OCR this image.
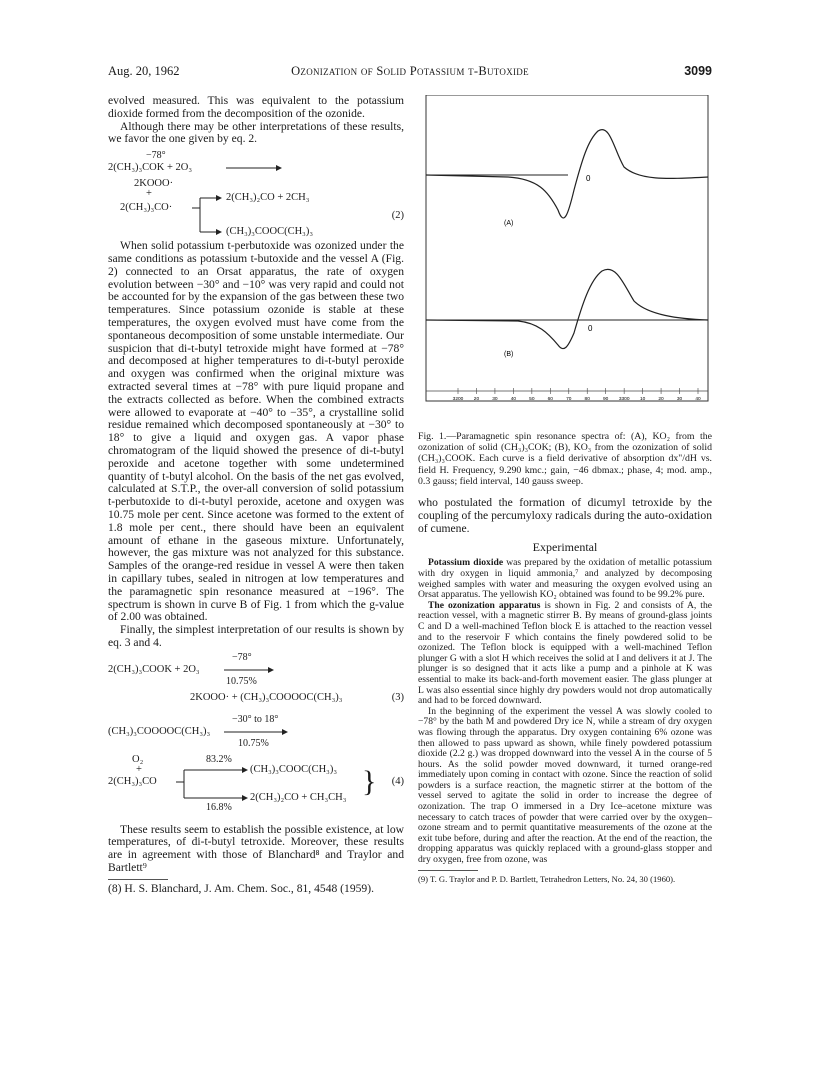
Aug. 20, 1962	Ozonization of Solid Potassium t-Butoxide	3099

evolved measured. This was equivalent to the potassium dioxide formed from the decomposition of the ozonide.

Although there may be other interpretations of these results, we favor the one given by eq. 2.

−78°
2(CH₃)₃COK + 2O₃
2KOOO·
+
2(CH₃)₃CO·
2(CH₃)₂CO + 2CH₃
(CH₃)₃COOC(CH₃)₃
(2)

When solid potassium t-perbutoxide was ozonized under the same conditions as potassium t-butoxide and the vessel A (Fig. 2) connected to an Orsat apparatus, the rate of oxygen evolution between −30° and −10° was very rapid and could not be accounted for by the expansion of the gas between these two temperatures. Since potassium ozonide is stable at these temperatures, the oxygen evolved must have come from the spontaneous decomposition of some unstable intermediate. Our suspicion that di-t-butyl tetroxide might have formed at −78° and decomposed at higher temperatures to di-t-butyl peroxide and oxygen was confirmed when the original mixture was extracted several times at −78° with pure liquid propane and the extracts collected as before. When the combined extracts were allowed to evaporate at −40° to −35°, a crystalline solid residue remained which decomposed spontaneously at −30° to 18° to give a liquid and oxygen gas. A vapor phase chromatogram of the liquid showed the presence of di-t-butyl peroxide and acetone together with some undetermined quantity of t-butyl alcohol. On the basis of the net gas evolved, calculated at S.T.P., the over-all conversion of solid potassium t-perbutoxide to di-t-butyl peroxide, acetone and oxygen was 10.75 mole per cent. Since acetone was formed to the extent of 1.8 mole per cent., there should have been an equivalent amount of ethane in the gaseous mixture. Unfortunately, however, the gas mixture was not analyzed for this substance. Samples of the orange-red residue in vessel A were then taken in capillary tubes, sealed in nitrogen at low temperatures and the paramagnetic spin resonance measured at −196°. The spectrum is shown in curve B of Fig. 1 from which the g-value of 2.00 was obtained.

Finally, the simplest interpretation of our results is shown by eq. 3 and 4.

−78°
2(CH₃)₃COOK + 2O₃
10.75%
2KOOO· + (CH₃)₃COOOOC(CH₃)₃	(3)
−30° to 18°
(CH₃)₃COOOOC(CH₃)₃
10.75%
O₂
+
2(CH₃)₃CO
83.2%
(CH₃)₃COOC(CH₃)₃
2(CH₃)₂CO + CH₃CH₃ }
16.8%
(4)

These results seem to establish the possible existence, at low temperatures, of di-t-butyl tetroxide. Moreover, these results are in agreement with those of Blanchard⁸ and Traylor and Bartlett⁹

(8) H. S. Blanchard, J. Am. Chem. Soc., 81, 4548 (1959).

0
(A)
0
(B)
3200 20	30	40	50	60	70	80	90 3300 10	20	30	40

Fig. 1.—Paramagnetic spin resonance spectra of: (A), KO₂ from the ozonization of solid (CH₃)₃COK; (B), KO₃ from the ozonization of solid (CH₃)₃COOK. Each curve is a field derivative of absorption dx"/dH vs. field H. Frequency, 9.290 kmc.; gain, −46 dbmax.; phase, 4; mod. amp., 0.3 gauss; field interval, 140 gauss sweep.

who postulated the formation of dicumyl tetroxide by the coupling of the percumyloxy radicals during the auto-oxidation of cumene.

Experimental

Potassium dioxide was prepared by the oxidation of metallic potassium with dry oxygen in liquid ammonia,⁷ and analyzed by decomposing weighed samples with water and measuring the oxygen evolved using an Orsat apparatus. The yellowish KO₂ obtained was found to be 99.2% pure.

The ozonization apparatus is shown in Fig. 2 and consists of A, the reaction vessel, with a magnetic stirrer B. By means of ground-glass joints C and D a well-machined Teflon block E is attached to the reaction vessel and to the reservoir F which contains the finely powdered solid to be ozonized. The Teflon block is equipped with a well-machined Teflon plunger G with a slot H which receives the solid at I and delivers it at J. The plunger is so designed that it acts like a pump and a pinhole at K was essential to make its back-and-forth movement easier. The glass plunger at L was also essential since highly dry powders would not drop automatically and had to be forced downward.

In the beginning of the experiment the vessel A was slowly cooled to −78° by the bath M and powdered Dry ice N, while a stream of dry oxygen was flowing through the apparatus. Dry oxygen containing 6% ozone was then allowed to pass upward as shown, while finely powdered potassium dioxide (2.2 g.) was dropped downward into the vessel A in the course of 5 hours. As the solid powder moved downward, it turned orange-red immediately upon coming in contact with ozone. Since the reaction of solid powders is a surface reaction, the magnetic stirrer at the bottom of the vessel served to agitate the solid in order to increase the degree of ozonization. The trap O immersed in a Dry Ice–acetone mixture was necessary to catch traces of powder that were carried over by the oxygen–ozone stream and to permit quantitative measurements of the ozone at the exit tube before, during and after the reaction. At the end of the reaction, the dropping apparatus was quickly replaced with a ground-glass stopper and dry oxygen, free from ozone, was

(9) T. G. Traylor and P. D. Bartlett, Tetrahedron Letters, No. 24, 30 (1960).
